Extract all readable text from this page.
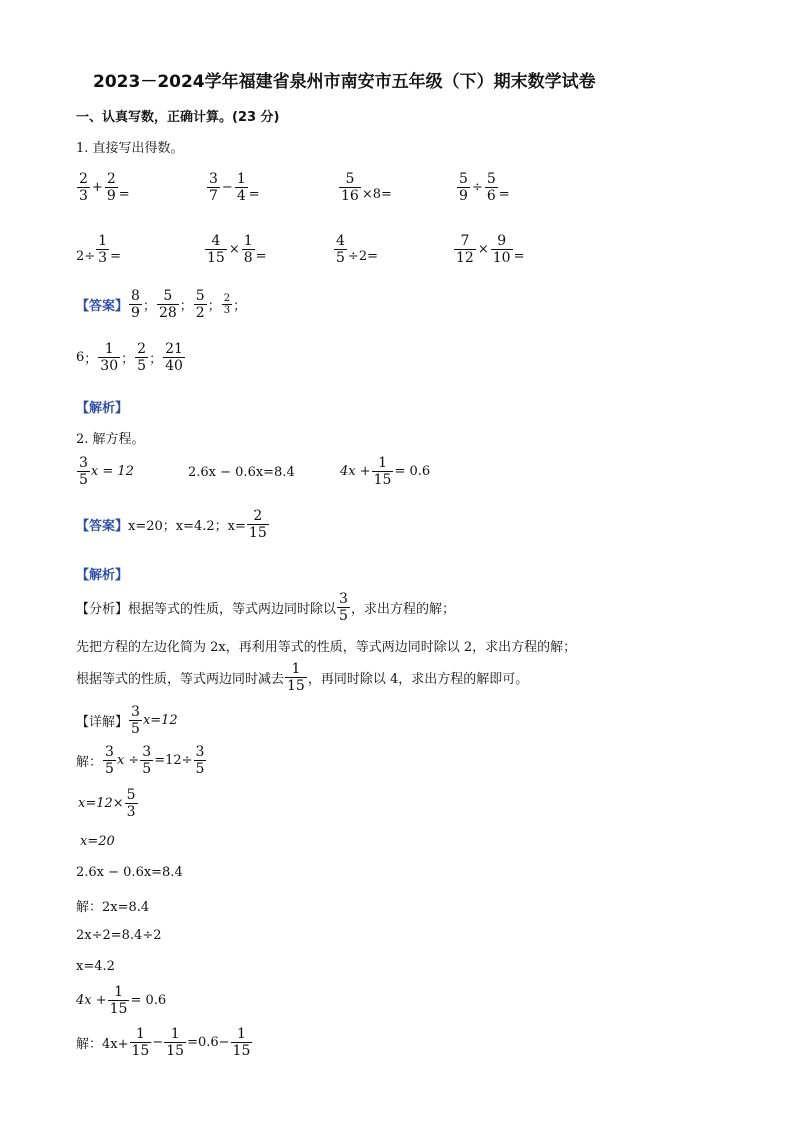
2023－2024学年福建省泉州市南安市五年级（下）期末数学试卷
一、认真写数，正确计算。(23 分)
1. 直接写出得数。
$\frac{2}{3} + \frac{2}{9}$ =	$\frac{3}{7} - \frac{1}{4}$ =	$\frac{5}{16} \times 8$ =	$\frac{5}{9} \div \frac{5}{6}$ =
$2\div \frac{1}{3}$ =	$\frac{4}{15} \times \frac{1}{8}$ =	$\frac{4}{5} \div 2$ =	$\frac{7}{12} \times \frac{9}{10}$ =
【答案】 $\frac{8}{9}$ ； $\frac{5}{28}$ ； $\frac{5}{2}$ ； $\frac{2}{3}$ ；
6 ； $\frac{1}{30}$ ； $\frac{2}{5}$ ； $\frac{21}{40}$
【解析】
2. 解方程。
$\frac{3}{5}$ x = 12	2.6x − 0.6x=8.4	$4x + \frac{1}{15} = 0.6$
【答案】 x=20；x=4.2；$x= \frac{2}{15}$
【解析】
【分析】 根据等式的性质，等式两边同时除以 $\frac{3}{5}$ ，求出方程的解；
先把方程的左边化简为 2x，再利用等式的性质，等式两边同时除以 2，求出方程的解；
根据等式的性质，等式两边同时减去 $\frac{1}{15}$ ，再同时除以 4，求出方程的解即可。
【详解】 $\frac{3}{5} x=12$
解： $\frac{3}{5}$ $x \div \frac{3}{5} =12\div \frac{3}{5}$
$x=12\times \frac{5}{3}$
x=20
2.6x − 0.6x=8.4
解：2x=8.4
2x÷2=8.4÷2
x=4.2
$4x + \frac{1}{15} = 0.6$
解：$4x+ \frac{1}{15} - \frac{1}{15} =0.6- \frac{1}{15}$
